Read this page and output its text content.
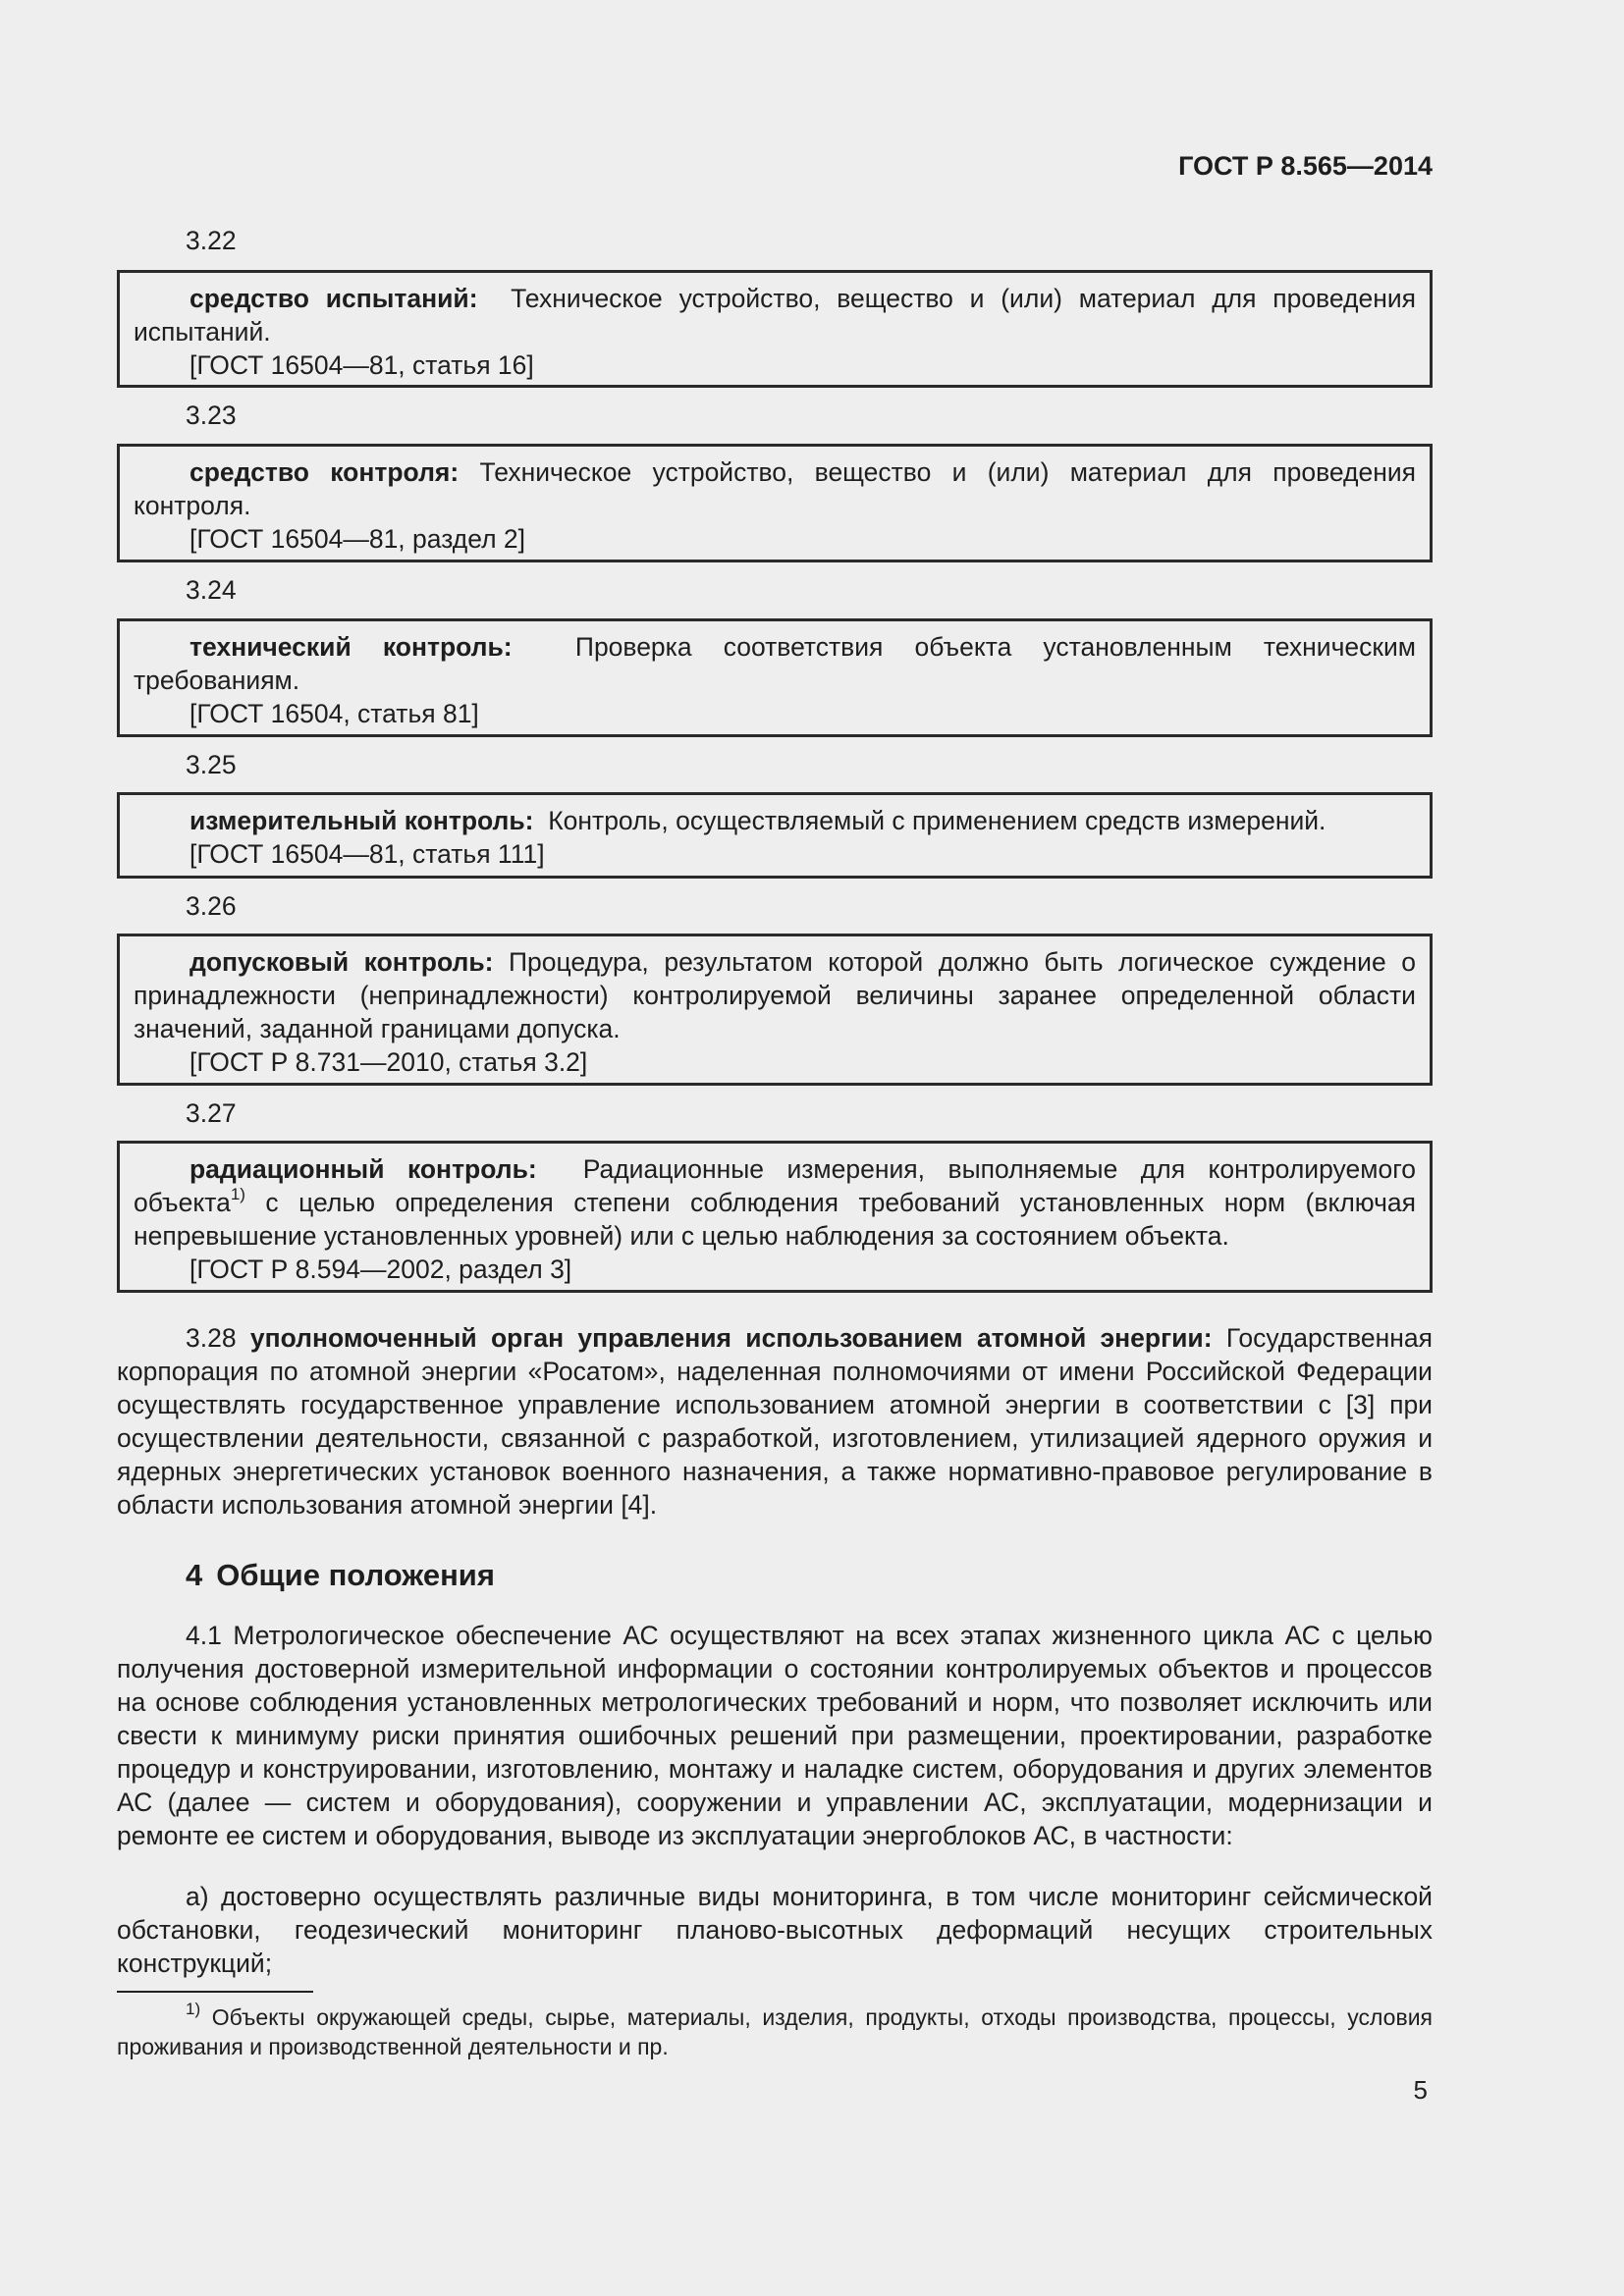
ГОСТ Р 8.565—2014
3.22

средство испытаний: Техническое устройство, вещество и (или) материал для проведения испытаний.

[ГОСТ 16504—81, статья 16]

3.23

средство контроля: Техническое устройство, вещество и (или) материал для проведения контроля.

[ГОСТ 16504—81, раздел 2]

3.24

технический контроль: Проверка соответствия объекта установленным техническим требованиям.

[ГОСТ 16504, статья 81]

3.25

измерительный контроль: Контроль, осуществляемый с применением средств измерений.

[ГОСТ 16504—81, статья 111]

3.26

допусковый контроль: Процедура, результатом которой должно быть логическое суждение о принадлежности (непринадлежности) контролируемой величины заранее определенной области значений, заданной границами допуска.

[ГОСТ Р 8.731—2010, статья 3.2]

3.27

радиационный контроль: Радиационные измерения, выполняемые для контролируемого объекта$^{1)}$ с целью определения степени соблюдения требований установленных норм (включая непревышение установленных уровней) или с целью наблюдения за состоянием объекта.

[ГОСТ Р 8.594—2002, раздел 3]

3.28 уполномоченный орган управления использованием атомной энергии: Государственная корпорация по атомной энергии «Росатом», наделенная полномочиями от имени Российской Федерации осуществлять государственное управление использованием атомной энергии в соответствии с [3] при осуществлении деятельности, связанной с разработкой, изготовлением, утилизацией ядерного оружия и ядерных энергетических установок военного назначения, а также нормативно-правовое регулирование в области использования атомной энергии [4].

4 Общие положения

4.1 Метрологическое обеспечение АС осуществляют на всех этапах жизненного цикла АС с целью получения достоверной измерительной информации о состоянии контролируемых объектов и процессов на основе соблюдения установленных метрологических требований и норм, что позволяет исключить или свести к минимуму риски принятия ошибочных решений при размещении, проектировании, разработке процедур и конструировании, изготовлению, монтажу и наладке систем, оборудования и других элементов АС (далее — систем и оборудования), сооружении и управлении АС, эксплуатации, модернизации и ремонте ее систем и оборудования, выводе из эксплуатации энергоблоков АС, в частности:

а) достоверно осуществлять различные виды мониторинга, в том числе мониторинг сейсмической обстановки, геодезический мониторинг планово-высотных деформаций несущих строительных конструкций;

$^{1)}$ Объекты окружающей среды, сырье, материалы, изделия, продукты, отходы производства, процессы, условия проживания и производственной деятельности и пр.

5
